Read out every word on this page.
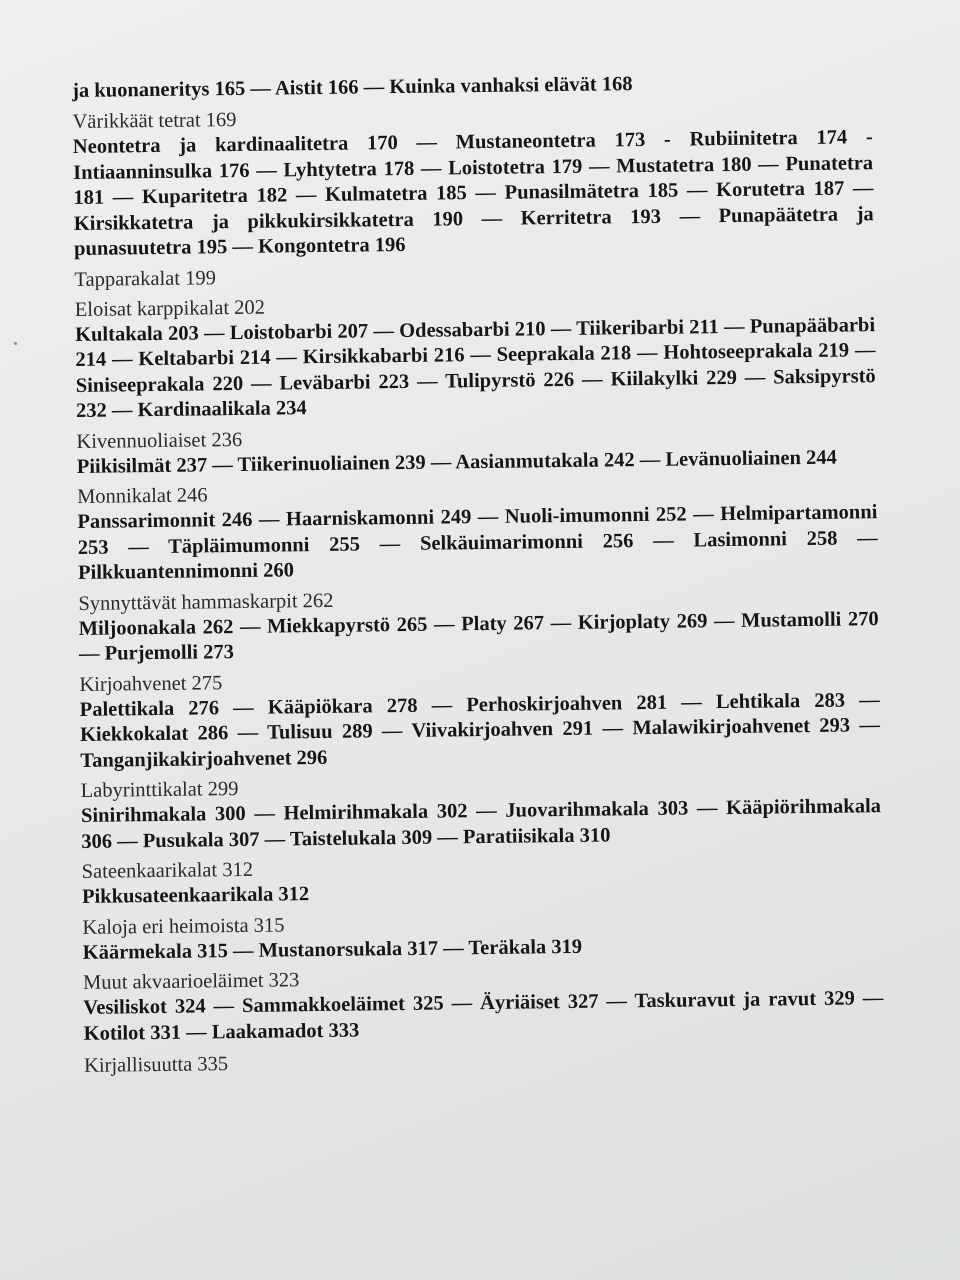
ja kuonaneritys 165 — Aistit 166 — Kuinka vanhaksi elävät 168

Värikkäät tetrat 169

Neontetra ja kardinaalitetra 170 — Mustaneontetra 173 - Rubiinitetra 174 - Intiaanninsulka 176 — Lyhtytetra 178 — Loistotetra 179 — Mustatetra 180 — Punatetra 181 — Kuparitetra 182 — Kulmatetra 185 — Punasilmätetra 185 — Korutetra 187 — Kirsikkatetra ja pikkukirsikkatetra 190 — Kerritetra 193 — Punapäätetra ja punasuutetra 195 — Kongontetra 196

Tapparakalat 199

Eloisat karppikalat 202

Kultakala 203 — Loistobarbi 207 — Odessabarbi 210 — Tiikeribarbi 211 — Punapääbarbi 214 — Keltabarbi 214 — Kirsikkabarbi 216 — Seeprakala 218 — Hohtoseeprakala 219 — Siniseeprakala 220 — Leväbarbi 223 — Tulipyrstö 226 — Kiilakylki 229 — Saksipyrstö 232 — Kardinaalikala 234

Kivennuoliaiset 236

Piikisilmät 237 — Tiikerinuoliainen 239 — Aasianmutakala 242 — Levänuoliainen 244

Monnikalat 246

Panssarimonnit 246 — Haarniskamonni 249 — Nuoli-imumonni 252 — Helmipartamonni 253 — Täpläimumonni 255 — Selkäuimarimonni 256 — Lasimonni 258 — Pilkkuantennimonni 260

Synnyttävät hammaskarpit 262

Miljoonakala 262 — Miekkapyrstö 265 — Platy 267 — Kirjoplaty 269 — Mustamolli 270 — Purjemolli 273

Kirjoahvenet 275

Palettikala 276 — Kääpiökara 278 — Perhoskirjoahven 281 — Lehtikala 283 — Kiekkokalat 286 — Tulisuu 289 — Viivakirjoahven 291 — Malawikirjoahvenet 293 — Tanganjikakirjoahvenet 296

Labyrinttikalat 299

Sinirihmakala 300 — Helmirihmakala 302 — Juovarihmakala 303 — Kääpiörihmakala 306 — Pusukala 307 — Taistelukala 309 — Paratiisikala 310

Sateenkaarikalat 312

Pikkusateenkaarikala 312

Kaloja eri heimoista 315

Käärmekala 315 — Mustanorsukala 317 — Teräkala 319

Muut akvaarioeläimet 323

Vesiliskot 324 — Sammakkoeläimet 325 — Äyriäiset 327 — Taskuravut ja ravut 329 — Kotilot 331 — Laakamadot 333

Kirjallisuutta 335
